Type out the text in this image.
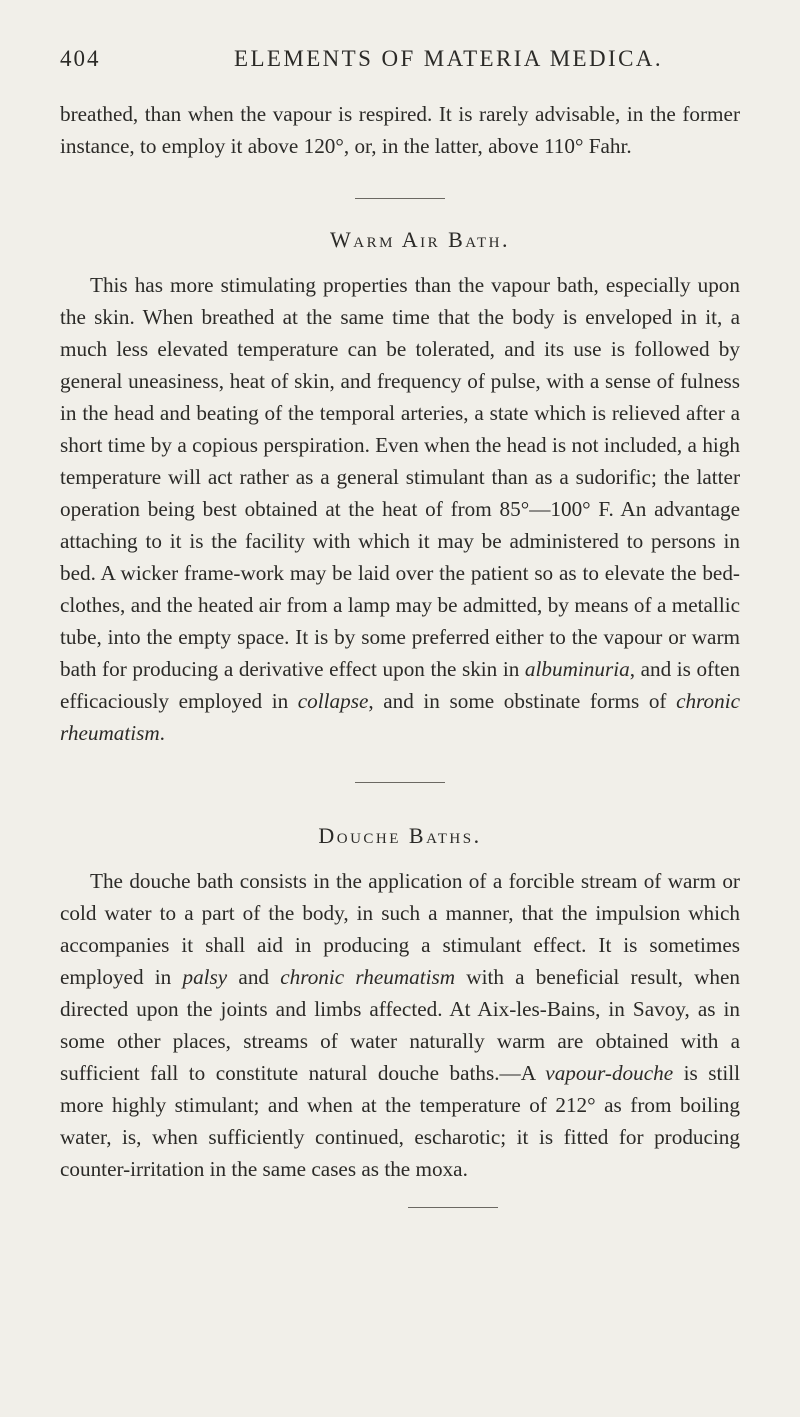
404	ELEMENTS OF MATERIA MEDICA.

breathed, than when the vapour is respired. It is rarely advisable, in the former instance, to employ it above 120°, or, in the latter, above 110° Fahr.

Warm Air Bath.

This has more stimulating properties than the vapour bath, especially upon the skin. When breathed at the same time that the body is enveloped in it, a much less elevated temperature can be tolerated, and its use is followed by general uneasiness, heat of skin, and frequency of pulse, with a sense of fulness in the head and beating of the temporal arteries, a state which is relieved after a short time by a copious perspiration. Even when the head is not included, a high temperature will act rather as a general stimulant than as a sudorific; the latter operation being best obtained at the heat of from 85°—100° F. An advantage attaching to it is the facility with which it may be administered to persons in bed. A wicker frame-work may be laid over the patient so as to elevate the bed-clothes, and the heated air from a lamp may be admitted, by means of a metallic tube, into the empty space. It is by some preferred either to the vapour or warm bath for producing a derivative effect upon the skin in albuminuria, and is often efficaciously employed in collapse, and in some obstinate forms of chronic rheumatism.

Douche Baths.

The douche bath consists in the application of a forcible stream of warm or cold water to a part of the body, in such a manner, that the impulsion which accompanies it shall aid in producing a stimulant effect. It is sometimes employed in palsy and chronic rheumatism with a beneficial result, when directed upon the joints and limbs affected. At Aix-les-Bains, in Savoy, as in some other places, streams of water naturally warm are obtained with a sufficient fall to constitute natural douche baths.—A vapour-douche is still more highly stimulant; and when at the temperature of 212° as from boiling water, is, when sufficiently continued, escharotic; it is fitted for producing counter-irritation in the same cases as the moxa.
